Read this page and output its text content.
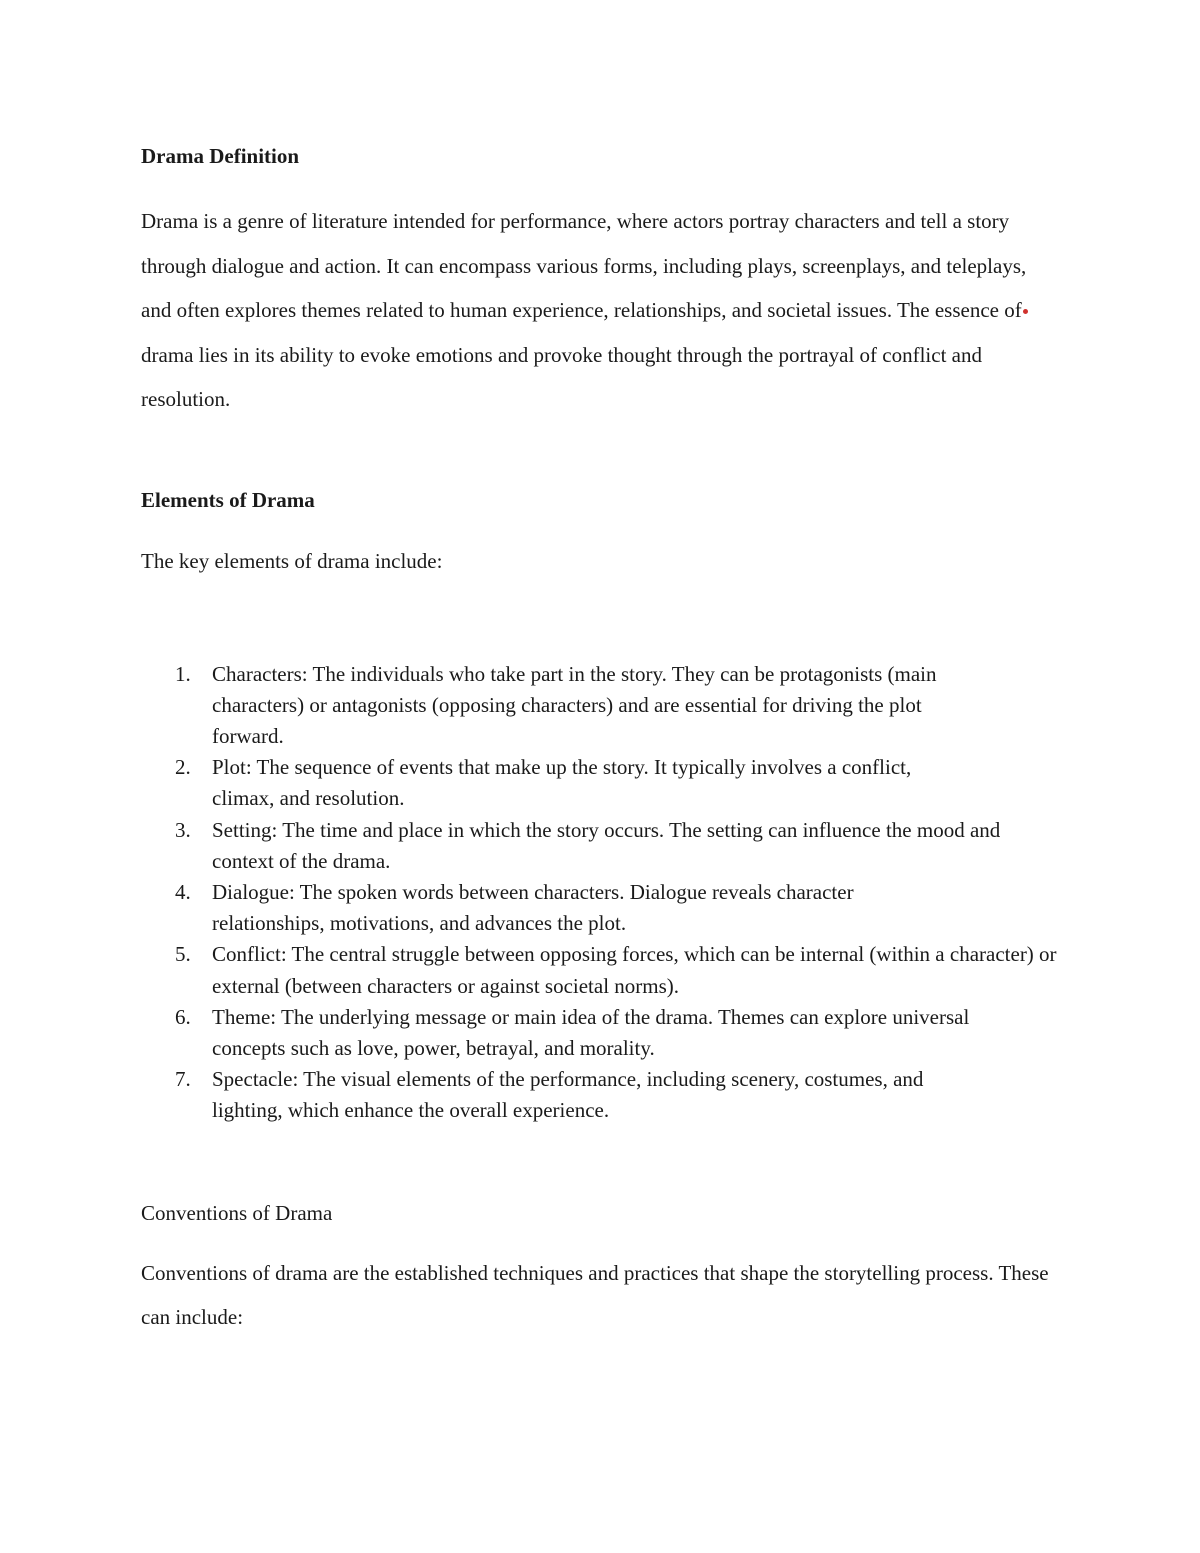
Drama Definition

Drama is a genre of literature intended for performance, where actors portray characters and tell a story through dialogue and action. It can encompass various forms, including plays, screenplays, and teleplays, and often explores themes related to human experience, relationships, and societal issues. The essence ofdrama lies in its ability to evoke emotions and provoke thought through the portrayal of conflict and resolution.

Elements of Drama

The key elements of drama include:

1. Characters: The individuals who take part in the story. They can be protagonists (main characters) or antagonists (opposing characters) and are essential for driving the plot forward.
2. Plot: The sequence of events that make up the story. It typically involves a conflict, climax, and resolution.
3. Setting: The time and place in which the story occurs. The setting can influence the mood and context of the drama.
4. Dialogue: The spoken words between characters. Dialogue reveals character relationships, motivations, and advances the plot.
5. Conflict: The central struggle between opposing forces, which can be internal (within a character) or external (between characters or against societal norms).
6. Theme: The underlying message or main idea of the drama. Themes can explore universal concepts such as love, power, betrayal, and morality.
7. Spectacle: The visual elements of the performance, including scenery, costumes, and lighting, which enhance the overall experience.
Conventions of Drama

Conventions of drama are the established techniques and practices that shape the storytelling process. These can include:
